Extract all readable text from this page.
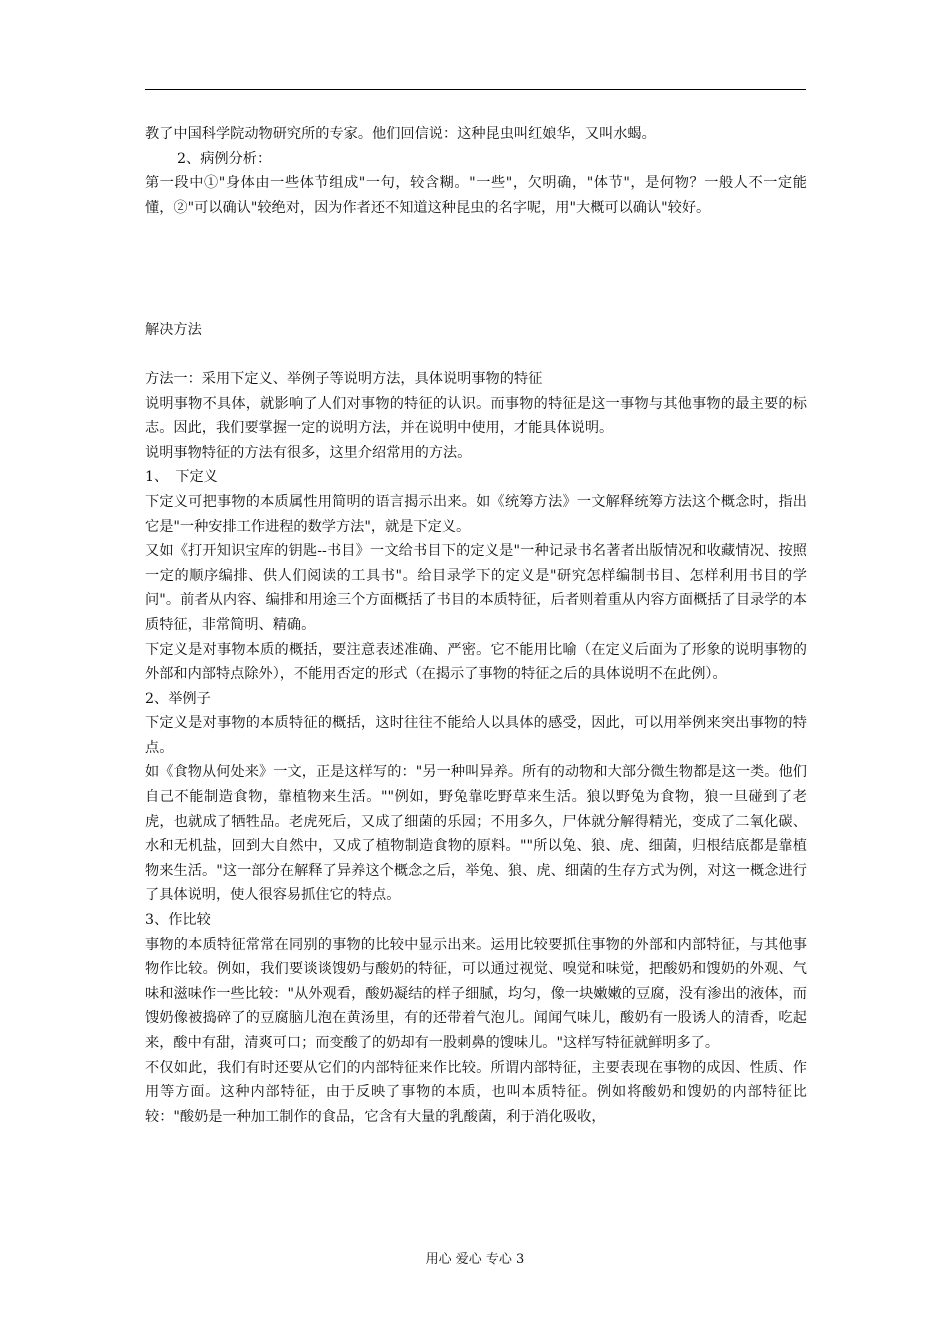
教了中国科学院动物研究所的专家。他们回信说：这种昆虫叫红娘华，又叫水蝎。

2、病例分析：

第一段中①"身体由一些体节组成"一句，较含糊。"一些"，欠明确，"体节"，是何物？一般人不一定能懂，②"可以确认"较绝对，因为作者还不知道这种昆虫的名字呢，用"大概可以确认"较好。

解决方法

方法一：采用下定义、举例子等说明方法，具体说明事物的特征

说明事物不具体，就影响了人们对事物的特征的认识。而事物的特征是这一事物与其他事物的最主要的标志。因此，我们要掌握一定的说明方法，并在说明中使用，才能具体说明。

说明事物特征的方法有很多，这里介绍常用的方法。

1、　下定义

下定义可把事物的本质属性用简明的语言揭示出来。如《统筹方法》一文解释统筹方法这个概念时，指出它是"一种安排工作进程的数学方法"，就是下定义。

又如《打开知识宝库的钥匙--书目》一文给书目下的定义是"一种记录书名著者出版情况和收藏情况、按照一定的顺序编排、供人们阅读的工具书"。给目录学下的定义是"研究怎样编制书目、怎样利用书目的学问"。前者从内容、编排和用途三个方面概括了书目的本质特征，后者则着重从内容方面概括了目录学的本质特征，非常简明、精确。

下定义是对事物本质的概括，要注意表述准确、严密。它不能用比喻（在定义后面为了形象的说明事物的外部和内部特点除外），不能用否定的形式（在揭示了事物的特征之后的具体说明不在此例）。

2、举例子

下定义是对事物的本质特征的概括，这时往往不能给人以具体的感受，因此，可以用举例来突出事物的特点。

如《食物从何处来》一文，正是这样写的："另一种叫异养。所有的动物和大部分微生物都是这一类。他们自己不能制造食物，靠植物来生活。""例如，野兔靠吃野草来生活。狼以野兔为食物，狼一旦碰到了老虎，也就成了牺牲品。老虎死后，又成了细菌的乐园；不用多久，尸体就分解得精光，变成了二氧化碳、水和无机盐，回到大自然中，又成了植物制造食物的原料。""所以兔、狼、虎、细菌，归根结底都是靠植物来生活。"这一部分在解释了异养这个概念之后，举兔、狼、虎、细菌的生存方式为例，对这一概念进行了具体说明，使人很容易抓住它的特点。

3、作比较

事物的本质特征常常在同别的事物的比较中显示出来。运用比较要抓住事物的外部和内部特征，与其他事物作比较。例如，我们要谈谈馊奶与酸奶的特征，可以通过视觉、嗅觉和味觉，把酸奶和馊奶的外观、气味和滋味作一些比较："从外观看，酸奶凝结的样子细腻，均匀，像一块嫩嫩的豆腐，没有渗出的液体，而馊奶像被捣碎了的豆腐脑儿泡在黄汤里，有的还带着气泡儿。闻闻气味儿，酸奶有一股诱人的清香，吃起来，酸中有甜，清爽可口；而变酸了的奶却有一股刺鼻的馊味儿。"这样写特征就鲜明多了。

不仅如此，我们有时还要从它们的内部特征来作比较。所谓内部特征，主要表现在事物的成因、性质、作用等方面。这种内部特征，由于反映了事物的本质，也叫本质特征。例如将酸奶和馊奶的内部特征比较："酸奶是一种加工制作的食品，它含有大量的乳酸菌，利于消化吸收，

用心 爱心 专心 3
